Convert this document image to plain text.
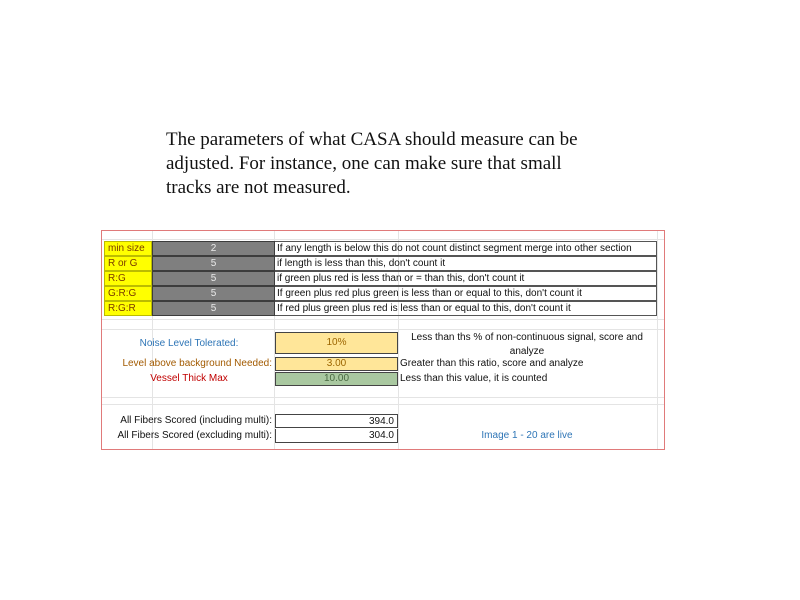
The parameters of what CASA should measure can be
adjusted. For instance, one can make sure that small
tracks are not measured.
min size	2	If any length is below this do not count distinct segment merge into other section
R or G	5	if length is less than this, don't count it
R:G	5	if green plus red is less than or = than this, don't count it
G:R:G	5	If green plus red plus green is less than or equal to this, don't count it
R:G:R	5	If red plus green plus red is less than or equal to this, don't count it
Noise Level Tolerated:	10%	Less than ths % of non-continuous signal, score and analyze
Level above background Needed:	3.00	Greater than this ratio, score and analyze
Vessel Thick Max	10.00	Less than this value, it is counted
All Fibers Scored (including multi):	394.0
All Fibers Scored (excluding multi):	304.0	Image 1 - 20 are live
